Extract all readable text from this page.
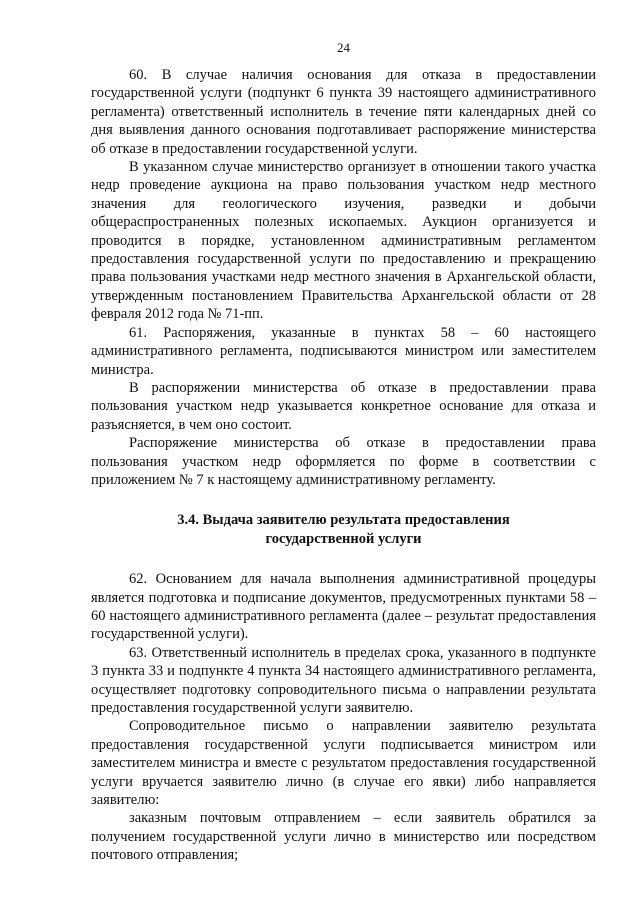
24

60. В случае наличия основания для отказа в предоставлении государственной услуги (подпункт 6 пункта 39 настоящего административного регламента) ответственный исполнитель в течение пяти календарных дней со дня выявления данного основания подготавливает распоряжение министерства об отказе в предоставлении государственной услуги.

В указанном случае министерство организует в отношении такого участка недр проведение аукциона на право пользования участком недр местного значения для геологического изучения, разведки и добычи общераспространенных полезных ископаемых. Аукцион организуется и проводится в порядке, установленном административным регламентом предоставления государственной услуги по предоставлению и прекращению права пользования участками недр местного значения в Архангельской области, утвержденным постановлением Правительства Архангельской области от 28 февраля 2012 года № 71-пп.

61. Распоряжения, указанные в пунктах 58 – 60 настоящего административного регламента, подписываются министром или заместителем министра.

В распоряжении министерства об отказе в предоставлении права пользования участком недр указывается конкретное основание для отказа и разъясняется, в чем оно состоит.

Распоряжение министерства об отказе в предоставлении права пользования участком недр оформляется по форме в соответствии с приложением № 7 к настоящему административному регламенту.

3.4. Выдача заявителю результата предоставления
государственной услуги

62. Основанием для начала выполнения административной процедуры является подготовка и подписание документов, предусмотренных пунктами 58 – 60 настоящего административного регламента (далее – результат предоставления государственной услуги).

63. Ответственный исполнитель в пределах срока, указанного в подпункте 3 пункта 33 и подпункте 4 пункта 34 настоящего административного регламента, осуществляет подготовку сопроводительного письма о направлении результата предоставления государственной услуги заявителю.

Сопроводительное письмо о направлении заявителю результата предоставления государственной услуги подписывается министром или заместителем министра и вместе с результатом предоставления государственной услуги вручается заявителю лично (в случае его явки) либо направляется заявителю:

заказным почтовым отправлением – если заявитель обратился за получением государственной услуги лично в министерство или посредством почтового отправления;
